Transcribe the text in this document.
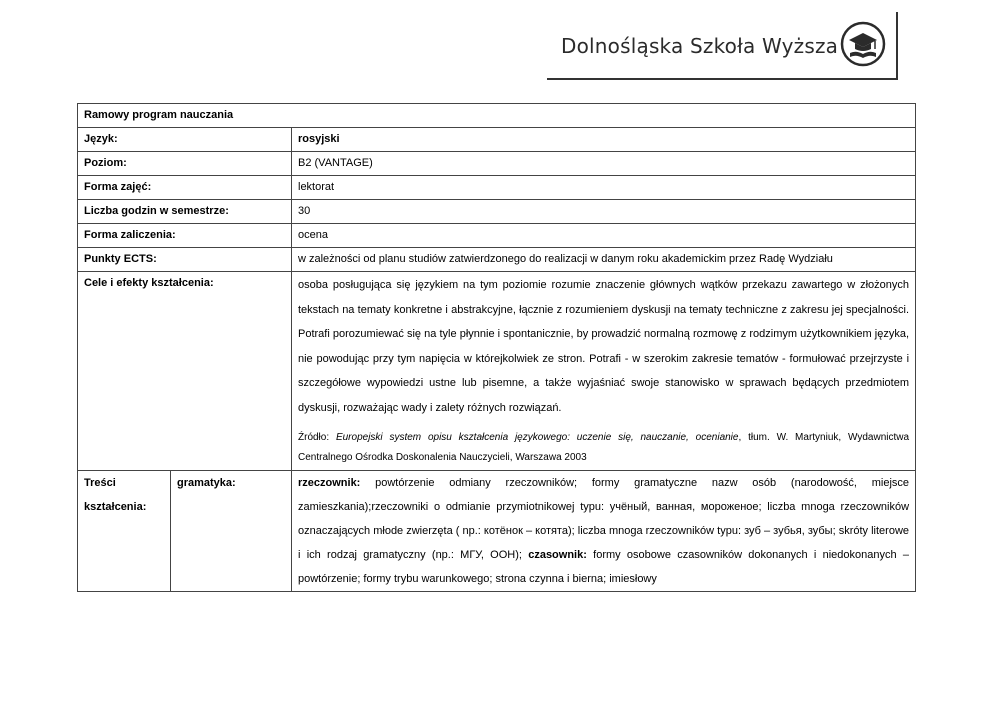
Dolnośląska Szkoła Wyższa
Ramowy program nauczania		
Język:		rosyjski
Poziom:		B2 (VANTAGE)
Forma zajęć:		lektorat
Liczba godzin w semestrze:		30
Forma zaliczenia:		ocena
Punkty ECTS:		w zależności od planu studiów zatwierdzonego do realizacji w danym roku akademickim przez Radę Wydziału
Cele i efekty kształcenia:		osoba posługująca się językiem na tym poziomie rozumie znaczenie głównych wątków przekazu zawartego w złożonych tekstach na tematy konkretne i abstrakcyjne, łącznie z rozumieniem dyskusji na tematy techniczne z zakresu jej specjalności. Potrafi porozumiewać się na tyle płynnie i spontanicznie, by prowadzić normalną rozmowę z rodzimym użytkownikiem języka, nie powodując przy tym napięcia w którejkolwiek ze stron. Potrafi - w szerokim zakresie tematów - formułować przejrzyste i szczegółowe wypowiedzi ustne lub pisemne, a także wyjaśniać swoje stanowisko w sprawach będących przedmiotem dyskusji, rozważając wady i zalety różnych rozwiązań.
Źródło: Europejski system opisu kształcenia językowego: uczenie się, nauczanie, ocenianie, tłum. W. Martyniuk, Wydawnictwa Centralnego Ośrodka Doskonalenia Nauczycieli, Warszawa 2003

Treści kształcenia:	gramatyka:	rzeczownik: powtórzenie odmiany rzeczowników; formy gramatyczne nazw osób (narodowość, miejsce zamieszkania);rzeczowniki o odmianie przymiotnikowej typu: учёный, ванная, мороженое; liczba mnoga rzeczowników oznaczających młode zwierzęta ( np.: котёнок – котята); liczba mnoga rzeczowników typu: зуб – зубья, зубы; skróty literowe i ich rodzaj gramatyczny (np.: МГУ, ООН); czasownik: formy osobowe czasowników dokonanych i niedokonanych – powtórzenie; formy trybu warunkowego; strona czynna i bierna; imiesłowy
